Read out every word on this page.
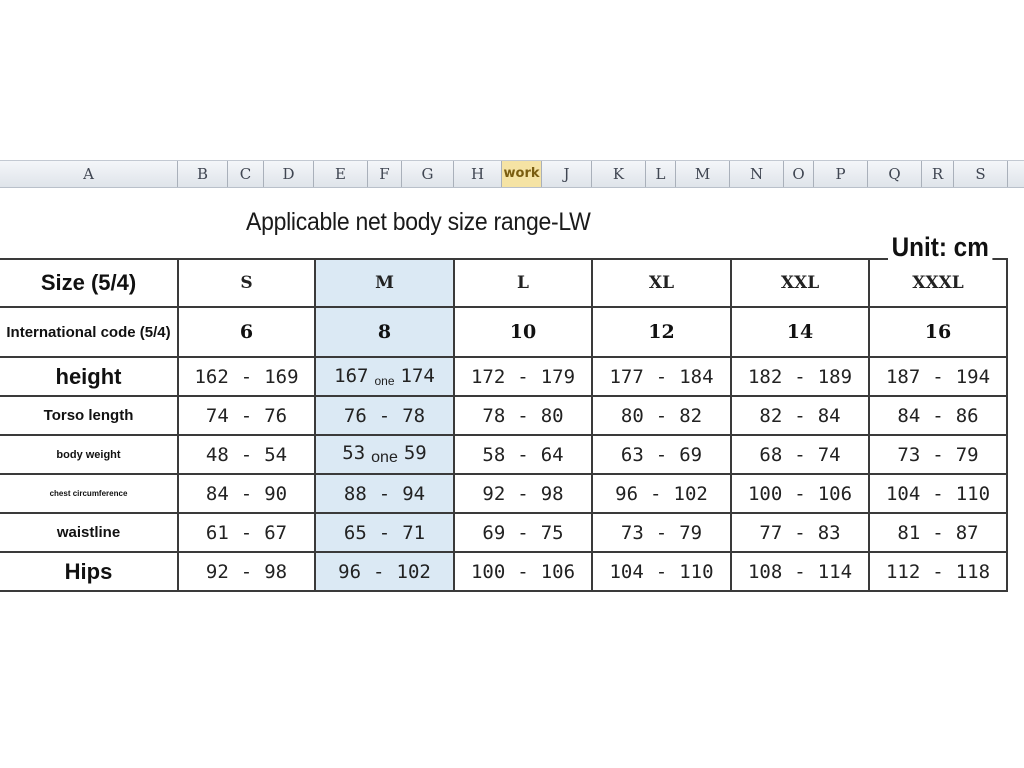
A	B	C	D	E	F	G	H	work	J	K	L	M	N	O	P	Q	R	S
Applicable net body size range-LW
Unit: cm
Size (5/4)	S	M	L	XL	XXL	XXXL
International code (5/4)	6	8	10	12	14	16
height	162 - 169	167 one 174	172 - 179	177 - 184	182 - 189	187 - 194
Torso length	74 - 76	76 - 78	78 - 80	80 - 82	82 - 84	84 - 86
body weight	48 - 54	53 one 59	58 - 64	63 - 69	68 - 74	73 - 79
chest circumference	84 - 90	88 - 94	92 - 98	96 - 102	100 - 106	104 - 110
waistline	61 - 67	65 - 71	69 - 75	73 - 79	77 - 83	81 - 87
Hips	92 - 98	96 - 102	100 - 106	104 - 110	108 - 114	112 - 118
